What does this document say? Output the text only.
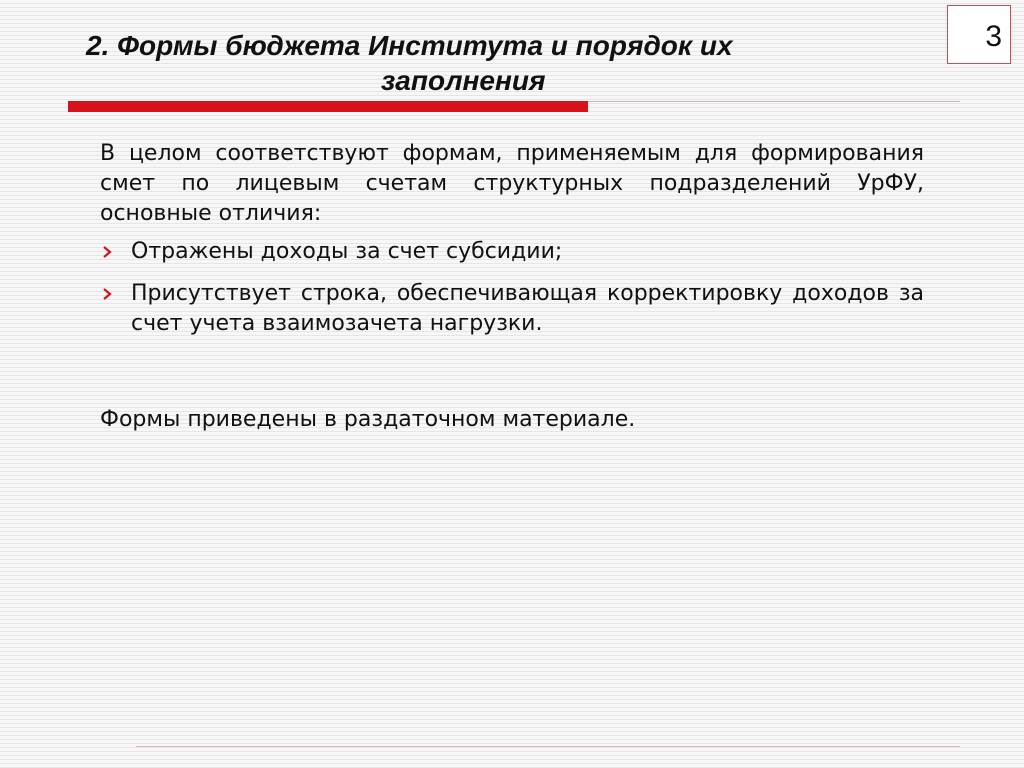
3
2. Формы бюджета Института и порядок их
заполнения

В целом соответствуют формам, применяемым для формирования смет по лицевым счетам структурных подразделений УрФУ, основные отличия:

Отражены доходы за счет субсидии;
Присутствует строка, обеспечивающая корректировку доходов за счет учета взаимозачета нагрузки.

Формы приведены в раздаточном материале.
